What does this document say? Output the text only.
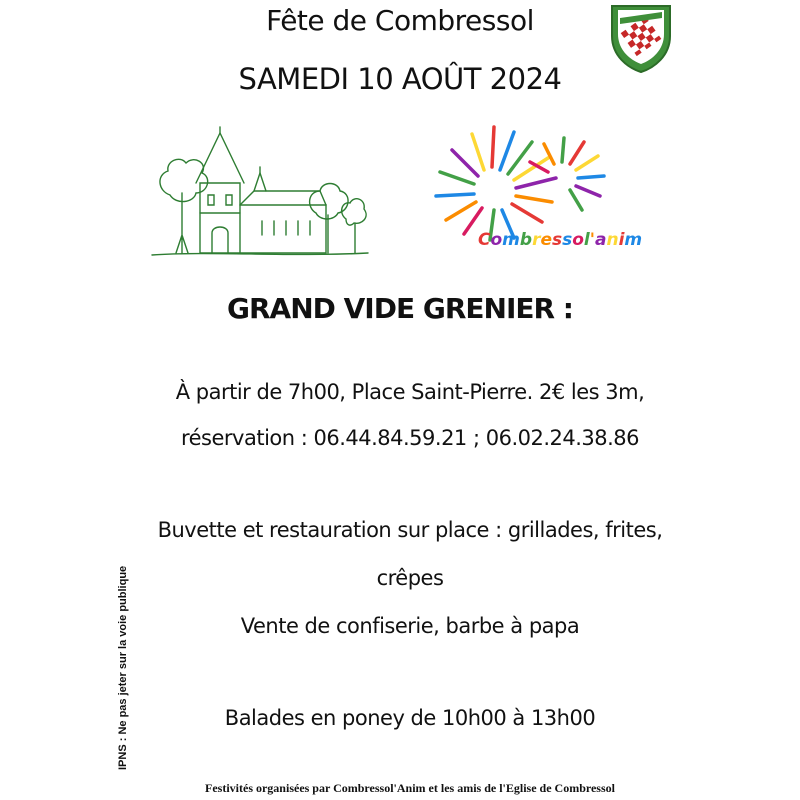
Fête de Combressol
SAMEDI 10 AOÛT 2024
Combressol'anim
GRAND VIDE GRENIER :
À partir de 7h00, Place Saint-Pierre. 2€ les 3m,
réservation : 06.44.84.59.21 ; 06.02.24.38.86
Buvette et restauration sur place : grillades, frites,
crêpes
Vente de confiserie, barbe à papa
Balades en poney de 10h00 à 13h00
IPNS : Ne pas jeter sur la voie publique
Festivités organisées par Combressol'Anim et les amis de l'Eglise de Combressol
